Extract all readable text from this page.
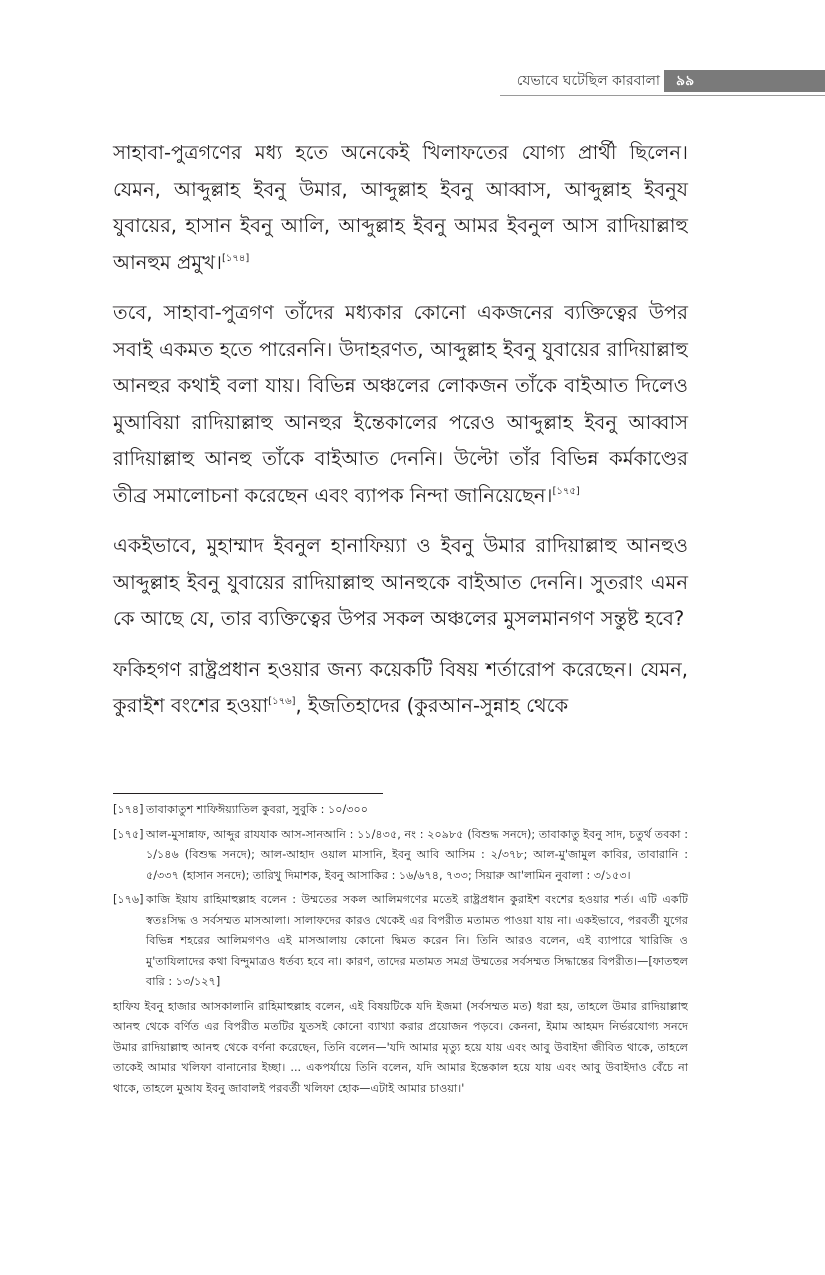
যেভাবে ঘটেছিল কারবালা	৯৯

সাহাবা-পুত্রগণের মধ্য হতে অনেকেই খিলাফতের যোগ্য প্রার্থী ছিলেন। যেমন, আব্দুল্লাহ ইবনু উমার, আব্দুল্লাহ ইবনু আব্বাস, আব্দুল্লাহ ইবনুয যুবায়ের, হাসান ইবনু আলি, আব্দুল্লাহ ইবনু আমর ইবনুল আস রাদিয়াল্লাহু আনহুম প্রমুখ।[১৭৪]

তবে, সাহাবা-পুত্রগণ তাঁদের মধ্যকার কোনো একজনের ব্যক্তিত্বের উপর সবাই একমত হতে পারেননি। উদাহরণত, আব্দুল্লাহ ইবনু যুবায়ের রাদিয়াল্লাহু আনহুর কথাই বলা যায়। বিভিন্ন অঞ্চলের লোকজন তাঁকে বাইআত দিলেও মুআবিয়া রাদিয়াল্লাহু আনহুর ইন্তেকালের পরেও আব্দুল্লাহ ইবনু আব্বাস রাদিয়াল্লাহু আনহু তাঁকে বাইআত দেননি। উল্টো তাঁর বিভিন্ন কর্মকাণ্ডের তীব্র সমালোচনা করেছেন এবং ব্যাপক নিন্দা জানিয়েছেন।[১৭৫]

একইভাবে, মুহাম্মাদ ইবনুল হানাফিয়্যা ও ইবনু উমার রাদিয়াল্লাহু আনহুও আব্দুল্লাহ ইবনু যুবায়ের রাদিয়াল্লাহু আনহুকে বাইআত দেননি। সুতরাং এমন কে আছে যে, তার ব্যক্তিত্বের উপর সকল অঞ্চলের মুসলমানগণ সন্তুষ্ট হবে?

ফকিহগণ রাষ্ট্রপ্রধান হওয়ার জন্য কয়েকটি বিষয় শর্তারোপ করেছেন। যেমন, কুরাইশ বংশের হওয়া[১৭৬], ইজতিহাদের (কুরআন-সুন্নাহ থেকে

[১৭৪] তাবাকাতুশ শাফিঈয়্যাতিল কুবরা, সুবুকি : ১০/৩০০
[১৭৫] আল-মুসান্নাফ, আব্দুর রাযযাক আস-সানআনি : ১১/৪৩৫, নং : ২০৯৮৫ (বিশুদ্ধ সনদে); তাবাকাতু ইবনু সাদ, চতুর্থ তবকা : ১/১৪৬ (বিশুদ্ধ সনদে); আল-আহাদ ওয়াল মাসানি, ইবনু আবি আসিম : ২/৩৭৮; আল-মু'জামুল কাবির, তাবারানি : ৫/৩৩৭ (হাসান সনদে); তারিখু দিমাশক, ইবনু আসাকির : ১৬/৬৭৪, ৭৩৩; সিয়ারু আ'লামিন নুবালা : ৩/১৫৩।
[১৭৬] কাজি ইয়ায রাহিমাহুল্লাহ বলেন : উম্মতের সকল আলিমগণের মতেই রাষ্ট্রপ্রধান কুরাইশ বংশের হওয়ার শর্ত। এটি একটি স্বতঃসিদ্ধ ও সর্বসম্মত মাসআলা। সালাফদের কারও থেকেই এর বিপরীত মতামত পাওয়া যায় না। একইভাবে, পরবর্তী যুগের বিভিন্ন শহরের আলিমগণও এই মাসআলায় কোনো দ্বিমত করেন নি। তিনি আরও বলেন, এই ব্যাপারে খারিজি ও মু'তাযিলাদের কথা বিন্দুমাত্রও ধর্তব্য হবে না। কারণ, তাদের মতামত সমগ্র উম্মতের সর্বসম্মত সিদ্ধান্তের বিপরীত।—[ফাতহুল বারি : ১৩/১২৭]
হাফিয ইবনু হাজার আসকালানি রাহিমাহুল্লাহ বলেন, এই বিষয়টিকে যদি ইজমা (সর্বসম্মত মত) ধরা হয়, তাহলে উমার রাদিয়াল্লাহু আনহু থেকে বর্ণিত এর বিপরীত মতটির যুতসই কোনো ব্যাখ্যা করার প্রয়োজন পড়বে। কেননা, ইমাম আহমদ নির্ভরযোগ্য সনদে উমার রাদিয়াল্লাহু আনহু থেকে বর্ণনা করেছেন, তিনি বলেন—'যদি আমার মৃত্যু হয়ে যায় এবং আবু উবাইদা জীবিত থাকে, তাহলে তাকেই আমার খলিফা বানানোর ইচ্ছা। ... একপর্যায়ে তিনি বলেন, যদি আমার ইন্তেকাল হয়ে যায় এবং আবু উবাইদাও বেঁচে না থাকে, তাহলে মুআয ইবনু জাবালই পরবর্তী খলিফা হোক—এটাই আমার চাওয়া।'
